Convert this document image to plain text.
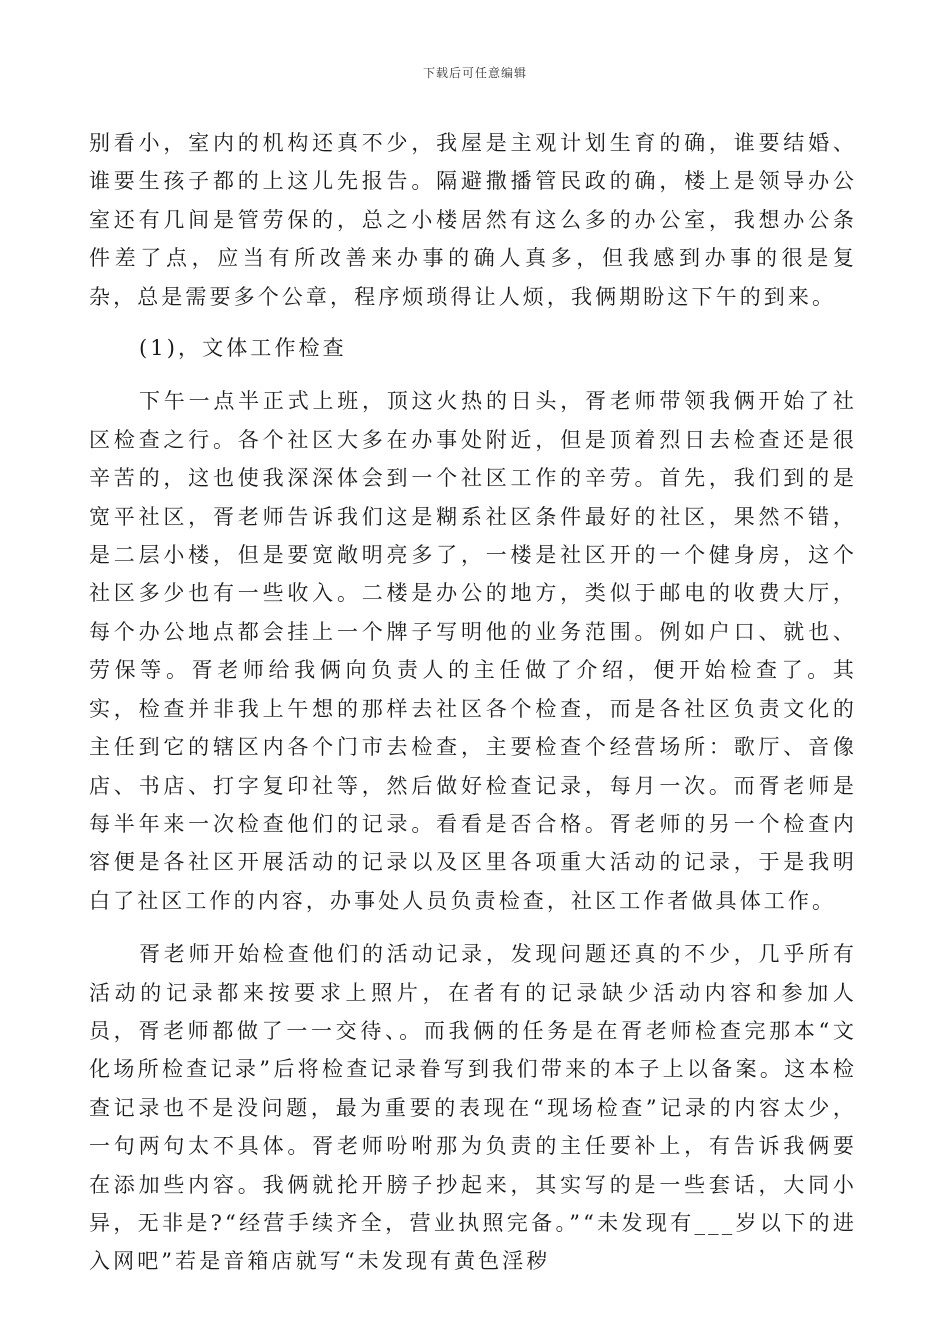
下载后可任意编辑

别看小，室内的机构还真不少，我屋是主观计划生育的确，谁要结婚、谁要生孩子都的上这儿先报告。隔避撒播管民政的确，楼上是领导办公室还有几间是管劳保的，总之小楼居然有这么多的办公室，我想办公条件差了点，应当有所改善来办事的确人真多，但我感到办事的很是复杂，总是需要多个公章，程序烦琐得让人烦，我俩期盼这下午的到来。

(1)，文体工作检查

下午一点半正式上班，顶这火热的日头，胥老师带领我俩开始了社区检查之行。各个社区大多在办事处附近，但是顶着烈日去检查还是很辛苦的，这也使我深深体会到一个社区工作的辛劳。首先，我们到的是宽平社区，胥老师告诉我们这是糊系社区条件最好的社区，果然不错，是二层小楼，但是要宽敞明亮多了，一楼是社区开的一个健身房，这个社区多少也有一些收入。二楼是办公的地方，类似于邮电的收费大厅，每个办公地点都会挂上一个牌子写明他的业务范围。例如户口、就也、劳保等。胥老师给我俩向负责人的主任做了介绍，便开始检查了。其实，检查并非我上午想的那样去社区各个检查，而是各社区负责文化的主任到它的辖区内各个门市去检查，主要检查个经营场所：歌厅、音像店、书店、打字复印社等，然后做好检查记录，每月一次。而胥老师是每半年来一次检查他们的记录。看看是否合格。胥老师的另一个检查内容便是各社区开展活动的记录以及区里各项重大活动的记录，于是我明白了社区工作的内容，办事处人员负责检查，社区工作者做具体工作。

胥老师开始检查他们的活动记录，发现问题还真的不少，几乎所有活动的记录都来按要求上照片，在者有的记录缺少活动内容和参加人员，胥老师都做了一一交待、。而我俩的任务是在胥老师检查完那本“文化场所检查记录”后将检查记录眷写到我们带来的本子上以备案。这本检查记录也不是没问题，最为重要的表现在“现场检查”记录的内容太少，一句两句太不具体。胥老师吩咐那为负责的主任要补上，有告诉我俩要在添加些内容。我俩就抡开膀子抄起来，其实写的是一些套话，大同小异，无非是?“经营手续齐全，营业执照完备。”“未发现有___岁以下的进入网吧”若是音箱店就写“未发现有黄色淫秽
